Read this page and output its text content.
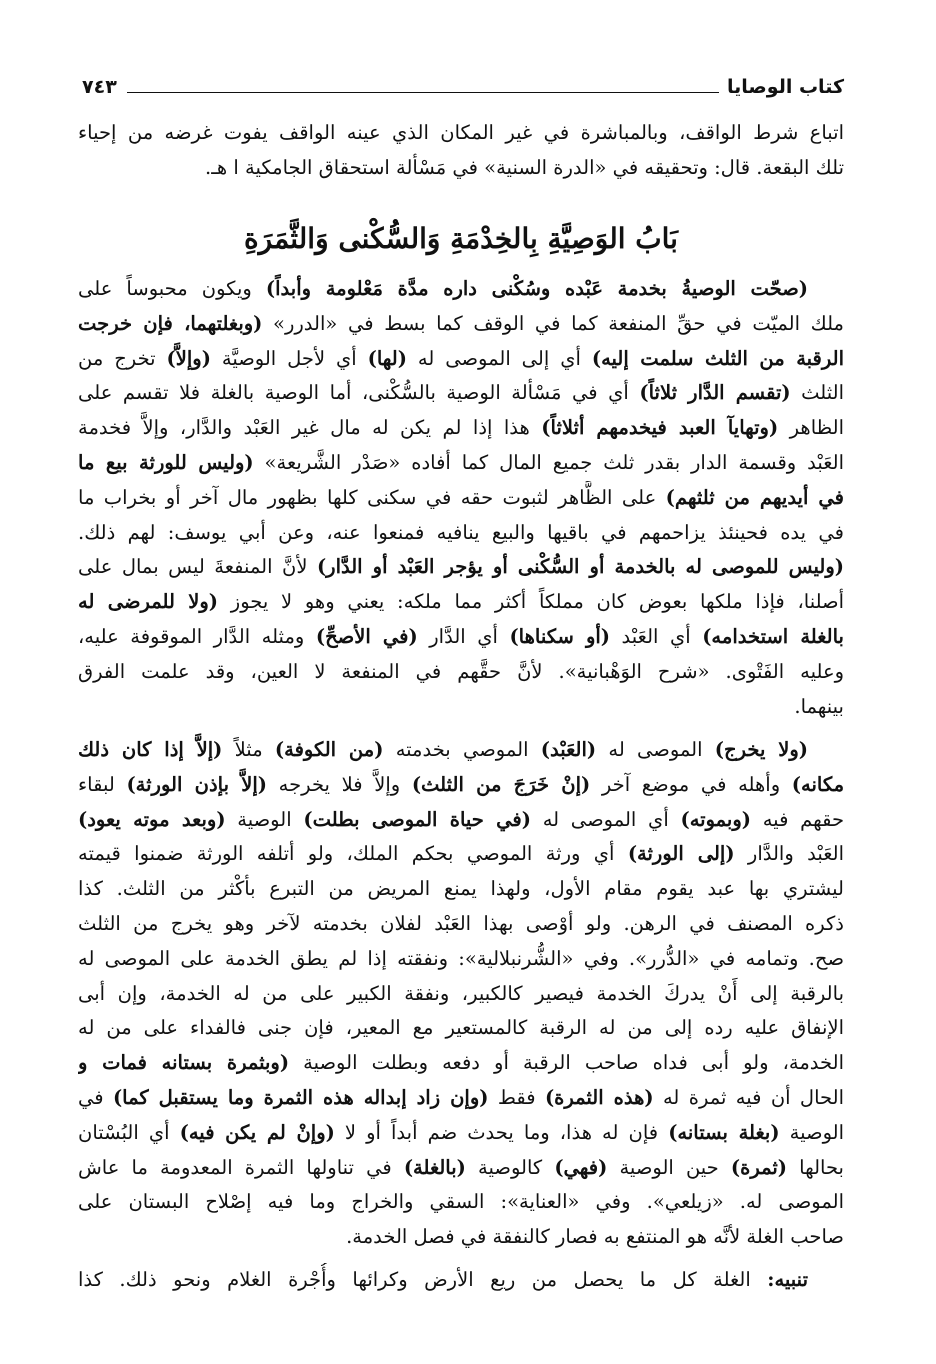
كتاب الوصايا
٧٤٣
اتباع شرط الواقف، وبالمباشرة في غير المكان الذي عينه الواقف يفوت غرضه من إحياء
تلك البقعة. قال: وتحقيقه في «الدرة السنية» في مَسْألة استحقاق الجامكية ا هـ.
بَابُ الوَصِيَّةِ بِالخِدْمَةِ وَالسُّكْنى وَالثَّمَرَةِ
(صحّت الوصيةُ بخدمة عَبْده وسُكْنى داره مدَّة مَعْلومة وأبداً) ويكون محبوساً على
ملك الميّت في حقِّ المنفعة كما في الوقف كما بسط في «الدرر» (وبغلتهما، فإن خرجت
الرقبة من الثلث سلمت إليه) أي إلى الموصى له (لها) أي لأجل الوصيَّة (وإلاَّ) تخرج من
الثلث (تقسم الدَّار ثلاثاً) أي في مَسْألة الوصية بالسُّكْنى، أما الوصية بالغلة فلا تقسم على
الظاهر (وتهايآ العبد فيخدمهم أثلاثاً) هذا إذا لم يكن له مال غير العَبْد والدَّار، وإلاَّ فخدمة
العَبْد وقسمة الدار بقدر ثلث جميع المال كما أفاده «صَدْر الشَّريعة» (وليس للورثة بيع ما
في أيديهم من ثلثهم) على الظَّاهر لثبوت حقه في سكنى كلها بظهور مال آخر أو بخراب ما
في يده فحينئذ يزاحمهم في باقيها والبيع ينافيه فمنعوا عنه، وعن أبي يوسف: لهم ذلك.
(وليس للموصى له بالخدمة أو السُّكْنى أو يؤجر العَبْد أو الدَّار) لأنَّ المنفعةَ ليس بمال على
أصلنا، فإذا ملكها بعوض كان مملكاً أكثر مما ملكه: يعني وهو لا يجوز (ولا للمرضى له
بالغلة استخدامه) أي العَبْد (أو سكناها) أي الدَّار (في الأصحِّ) ومثله الدَّار الموقوفة عليه،
وعليه الفَتْوى. «شرح الوَهْبانية». لأنَّ حقَّهم في المنفعة لا العين، وقد علمت الفرق
بينهما.
(ولا يخرج) الموصى له (العَبْد) الموصي بخدمته (من الكوفة) مثلاً (إلاَّ إذا كان ذلك
مكانه) وأهله في موضع آخر (إنْ خَرَجَ من الثلث) وإلاَّ فلا يخرجه (إلاَّ بإذن الورثة) لبقاء
حقهم فيه (وبموته) أي الموصى له (في حياة الموصى بطلت) الوصية (وبعد موته يعود)
العَبْد والدَّار (إلى الورثة) أي ورثة الموصي بحكم الملك، ولو أتلفه الورثة ضمنوا قيمته
ليشتري بها عبد يقوم مقام الأول، ولهذا يمنع المريض من التبرع بأكْثر من الثلث. كذا
ذكره المصنف في الرهن. ولو أوْصى بهذا العَبْد لفلان بخدمته لآخر وهو يخرج من الثلث
صح. وتمامه في «الدُّرر». وفي «الشُّرنبلالية»: ونفقته إذا لم يطق الخدمة على الموصى له
بالرقبة إلى أَنْ يدركَ الخدمة فيصير كالكبير، ونفقة الكبير على من له الخدمة، وإن أبى
الإنفاق عليه رده إلى من له الرقبة كالمستعير مع المعير، فإن جنى فالفداء على من له
الخدمة، ولو أبى فداه صاحب الرقبة أو دفعه وبطلت الوصية (وبثمرة بستانه فمات و
الحال أن فيه ثمرة له (هذه الثمرة) فقط (وإن زاد إبداله هذه الثمرة وما يستقبل كما) في
الوصية (بغلة بستانه) فإن له هذا، وما يحدث ضم أبداً أو لا (وإنْ لم يكن فيه) أي البُسْتان
بحالها (ثمرة) حين الوصية (فهي) كالوصية (بالغلة) في تناولها الثمرة المعدومة ما عاش
الموصى له. «زيلعي». وفي «العناية»: السقي والخراج وما فيه إصْلاح البستان على
صاحب الغلة لأنَّه هو المنتفع به فصار كالنفقة في فصل الخدمة.
تنبيه: الغلة كل ما يحصل من ريع الأرض وكرائها وأُجْرة الغلام ونحو ذلك. كذا
